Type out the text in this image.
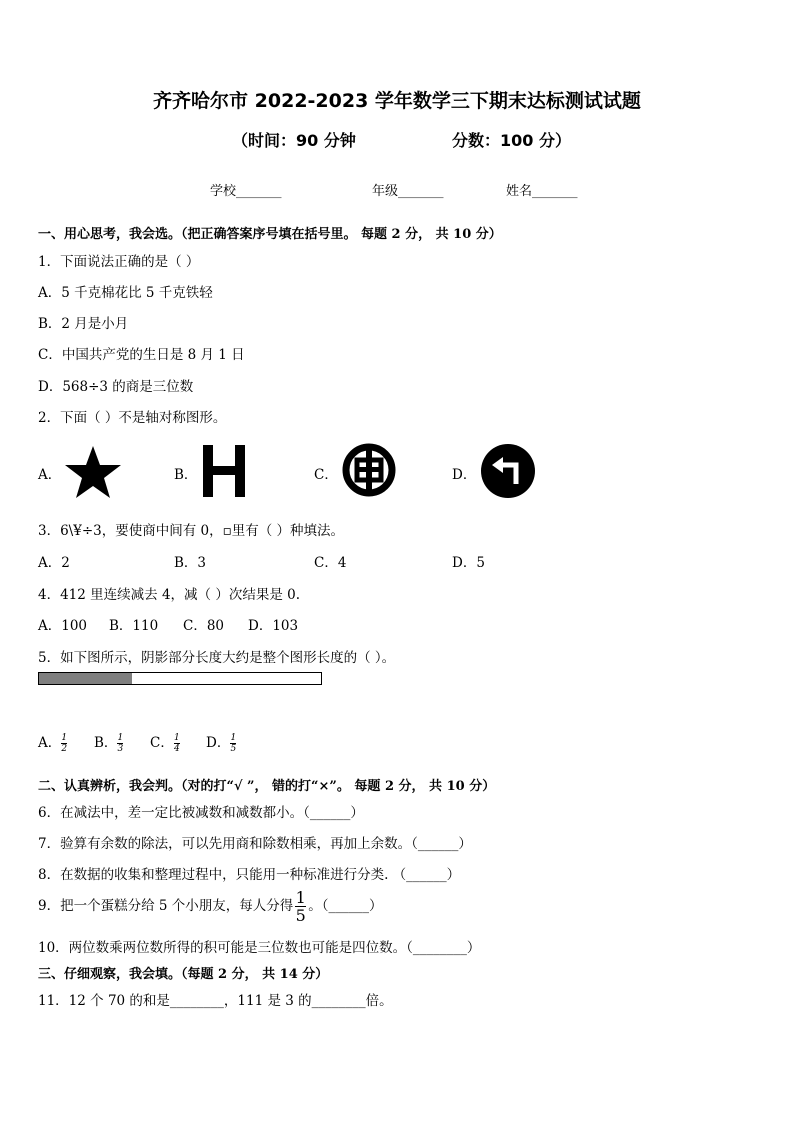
齐齐哈尔市 2022-2023 学年数学三下期末达标测试试题
（时间：90 分钟	分数：100 分）
学校_______	年级_______	姓名_______
一、用心思考，我会选。（把正确答案序号填在括号里。 每题 2 分， 共 10 分）
1．下面说法正确的是（ ）
A．5 千克棉花比 5 千克铁轻
B．2 月是小月
C．中国共产党的生日是 8 月 1 日
D．568÷3 的商是三位数
2．下面（ ）不是轴对称图形。
A．	B．	C．	D．
3．6\¥÷3，要使商中间有 0，▫里有（ ）种填法。
A．2	B．3	C．4	D．5
4．412 里连续减去 4，减（ ）次结果是 0.
A．100 B．110 C．80 D．103
5．如下图所示，阴影部分长度大约是整个图形长度的（ ）。
A． $\frac{1}{2}$ B． $\frac{1}{3}$ C． $\frac{1}{4}$ D． $\frac{1}{5}$
二、认真辨析，我会判。（对的打“√ ”， 错的打“×”。 每题 2 分， 共 10 分）
6．在减法中，差一定比被减数和减数都小。（______）
7．验算有余数的除法，可以先用商和除数相乘，再加上余数。（______）
8．在数据的收集和整理过程中，只能用一种标准进行分类. （______）
9．把一个蛋糕分给 5 个小朋友，每人分得 $\frac{1}{5}$ 。（______）
10．两位数乘两位数所得的积可能是三位数也可能是四位数。（________）
三、仔细观察，我会填。（每题 2 分， 共 14 分）
11．12 个 70 的和是________，111 是 3 的________倍。
